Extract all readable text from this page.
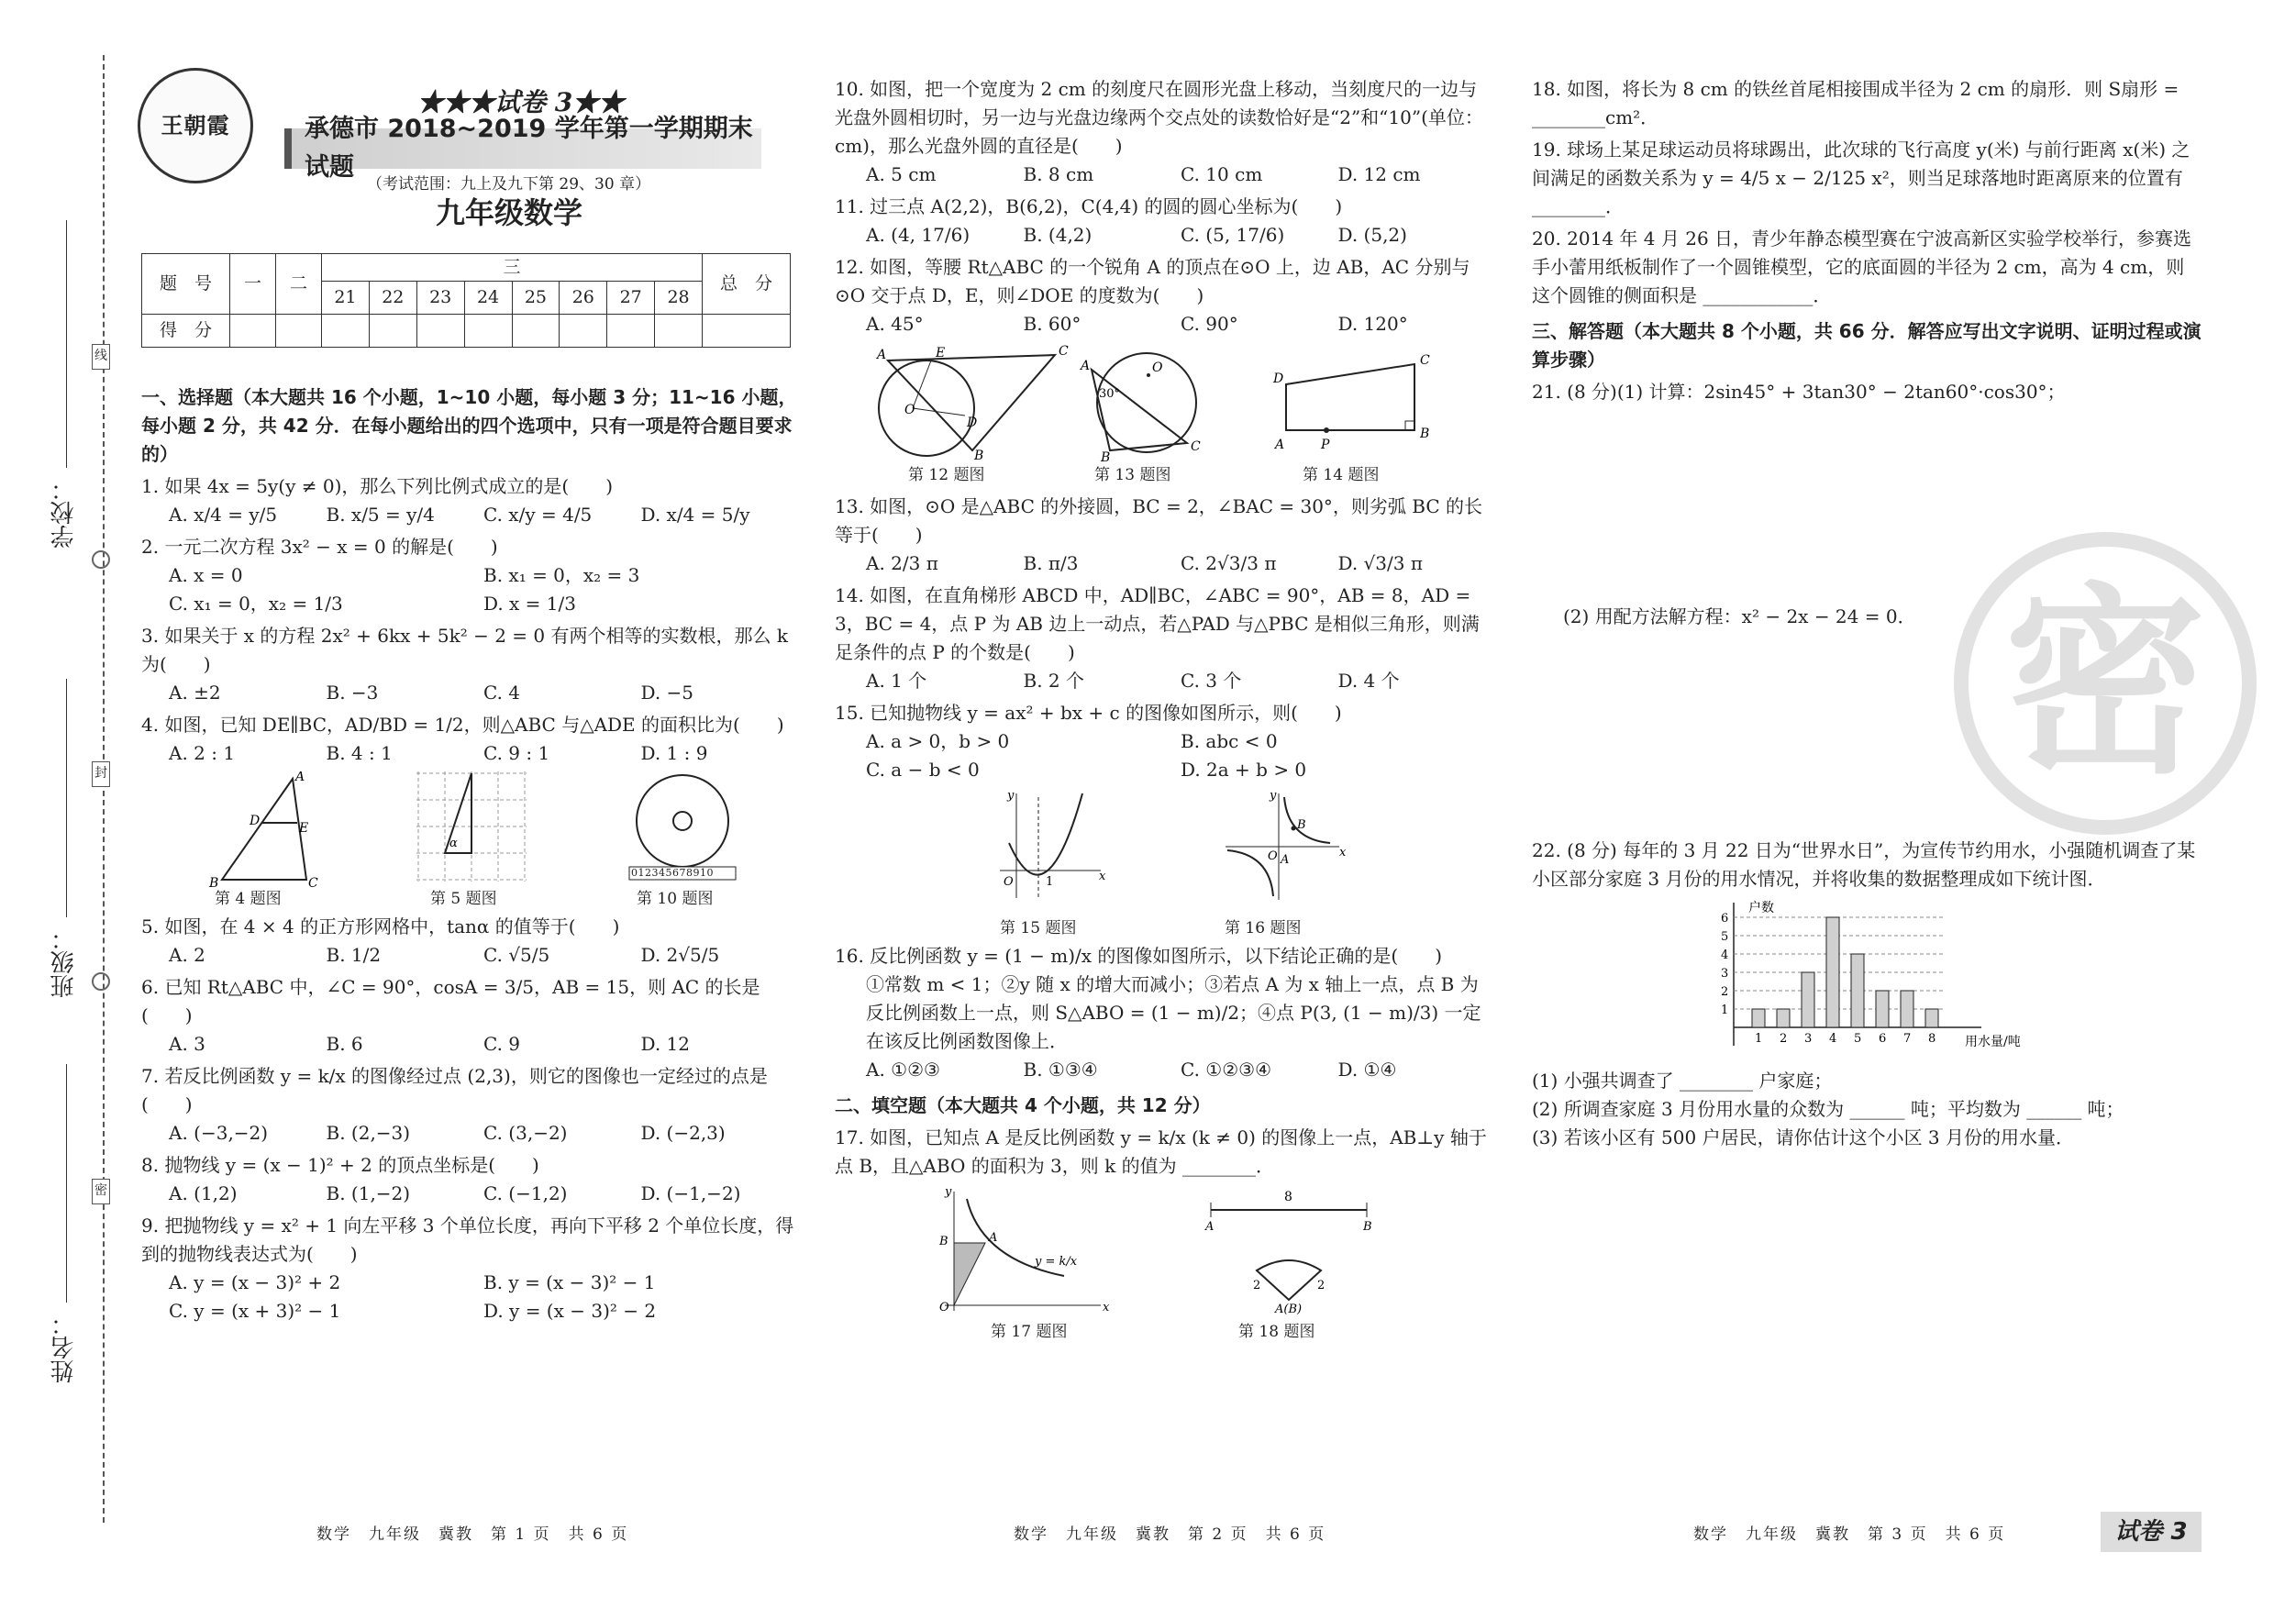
学校：
班级：
姓名：
线
封
密
王朝霞
★★★试卷 3★★
承德市 2018~2019 学年第一学期期末试题
（考试范围：九上及九下第 29、30 章）
九年级数学
题　号	一	二	三								总　分
			21	22	23	24	25	26	27	28	
得　分											
一、选择题（本大题共 16 个小题，1~10 小题，每小题 3 分；11~16 小题，每小题 2 分，共 42 分．在每小题给出的四个选项中，只有一项是符合题目要求的）
1. 如果 4x = 5y(y ≠ 0)，那么下列比例式成立的是(　　)
A. x/4 = y/5	B. x/5 = y/4	C. x/y = 4/5	D. x/4 = 5/y
2. 一元二次方程 3x² − x = 0 的解是(　　)
A. x = 0	B. x₁ = 0，x₂ = 3
C. x₁ = 0，x₂ = 1/3	D. x = 1/3
3. 如果关于 x 的方程 2x² + 6kx + 5k² − 2 = 0 有两个相等的实数根，那么 k 为(　　)
A. ±2	B. −3	C. 4	D. −5
4. 如图，已知 DE∥BC，AD/BD = 1/2，则△ABC 与△ADE 的面积比为(　　)
A. 2 : 1	B. 4 : 1	C. 9 : 1	D. 1 : 9
A
D	E
B	C
第 4 题图
α
第 5 题图
012345678910
第 10 题图
5. 如图，在 4 × 4 的正方形网格中，tanα 的值等于(　　)
A. 2	B. 1/2	C. √5/5	D. 2√5/5
6. 已知 Rt△ABC 中，∠C = 90°，cosA = 3/5，AB = 15，则 AC 的长是(　　)
A. 3	B. 6	C. 9	D. 12
7. 若反比例函数 y = k/x 的图像经过点 (2,3)，则它的图像也一定经过的点是(　　)
A. (−3,−2)	B. (2,−3)	C. (3,−2)	D. (−2,3)
8. 抛物线 y = (x − 1)² + 2 的顶点坐标是(　　)
A. (1,2)	B. (1,−2)	C. (−1,2)	D. (−1,−2)
9. 把抛物线 y = x² + 1 向左平移 3 个单位长度，再向下平移 2 个单位长度，得到的抛物线表达式为(　　)
A. y = (x − 3)² + 2	B. y = (x − 3)² − 1
C. y = (x + 3)² − 1	D. y = (x − 3)² − 2
数学　九年级　冀教　第 1 页　共 6 页
10. 如图，把一个宽度为 2 cm 的刻度尺在圆形光盘上移动，当刻度尺的一边与光盘外圆相切时，另一边与光盘边缘两个交点处的读数恰好是“2”和“10”(单位：cm)，那么光盘外圆的直径是(　　)
A. 5 cm	B. 8 cm	C. 10 cm	D. 12 cm
11. 过三点 A(2,2)，B(6,2)，C(4,4) 的圆的圆心坐标为(　　)
A. (4, 17/6)	B. (4,2)	C. (5, 17/6)	D. (5,2)
12. 如图，等腰 Rt△ABC 的一个锐角 A 的顶点在⊙O 上，边 AB，AC 分别与⊙O 交于点 D，E，则∠DOE 的度数为(　　)
A. 45°	B. 60°	C. 90°	D. 120°
A	E	C
O
D
B
第 12 题图
A	O
30°
B
C
第 13 题图
D
C
A	P
B
第 14 题图
13. 如图，⊙O 是△ABC 的外接圆，BC = 2，∠BAC = 30°，则劣弧 BC 的长等于(　　)
A. 2/3 π	B. π/3	C. 2√3/3 π	D. √3/3 π
14. 如图，在直角梯形 ABCD 中，AD∥BC，∠ABC = 90°，AB = 8，AD = 3，BC = 4，点 P 为 AB 边上一动点，若△PAD 与△PBC 是相似三角形，则满足条件的点 P 的个数是(　　)
A. 1 个	B. 2 个	C. 3 个	D. 4 个
15. 已知抛物线 y = ax² + bx + c 的图像如图所示，则(　　)
A. a > 0，b > 0	B. abc < 0
C. a − b < 0	D. 2a + b > 0
O	1	x
y
第 15 题图
B
O A
x
y
第 16 题图
16. 反比例函数 y = (1 − m)/x 的图像如图所示，以下结论正确的是(　　)
①常数 m < 1；②y 随 x 的增大而减小；③若点 A 为 x 轴上一点，点 B 为反比例函数上一点，则 S△ABO = (1 − m)/2；④点 P(3, (1 − m)/3) 一定在该反比例函数图像上．
A. ①②③	B. ①③④	C. ①②③④	D. ①④
二、填空题（本大题共 4 个小题，共 12 分）
17. 如图，已知点 A 是反比例函数 y = k/x (k ≠ 0) 的图像上一点，AB⊥y 轴于点 B，且△ABO 的面积为 3，则 k 的值为 ________．
A
B
O	x
y
y = k/x
第 17 题图
8
A	B
2	2
A(B)
第 18 题图
数学　九年级　冀教　第 2 页　共 6 页
18. 如图，将长为 8 cm 的铁丝首尾相接围成半径为 2 cm 的扇形．则 S扇形 = ________cm²．
19. 球场上某足球运动员将球踢出，此次球的飞行高度 y(米) 与前行距离 x(米) 之间满足的函数关系为 y = 4/5 x − 2/125 x²，则当足球落地时距离原来的位置有 ________．
20. 2014 年 4 月 26 日，青少年静态模型赛在宁波高新区实验学校举行，参赛选手小蕾用纸板制作了一个圆锥模型，它的底面圆的半径为 2 cm，高为 4 cm，则这个圆锥的侧面积是 ____________．
三、解答题（本大题共 8 个小题，共 66 分．解答应写出文字说明、证明过程或演算步骤）
21. (8 分)(1) 计算：2sin45° + 3tan30° − 2tan60°·cos30°；
(2) 用配方法解方程：x² − 2x − 24 = 0．
22. (8 分) 每年的 3 月 22 日为“世界水日”，为宣传节约用水，小强随机调查了某小区部分家庭 3 月份的用水情况，并将收集的数据整理成如下统计图．
户数
用水量/吨
1
2
3
4
5
6
1 2 3 4 5 6 7 8
(1) 小强共调查了 ________ 户家庭；
(2) 所调查家庭 3 月份用水量的众数为 ______ 吨；平均数为 ______ 吨；
(3) 若该小区有 500 户居民，请你估计这个小区 3 月份的用水量．
数学　九年级　冀教　第 3 页　共 6 页	试卷 3
密
